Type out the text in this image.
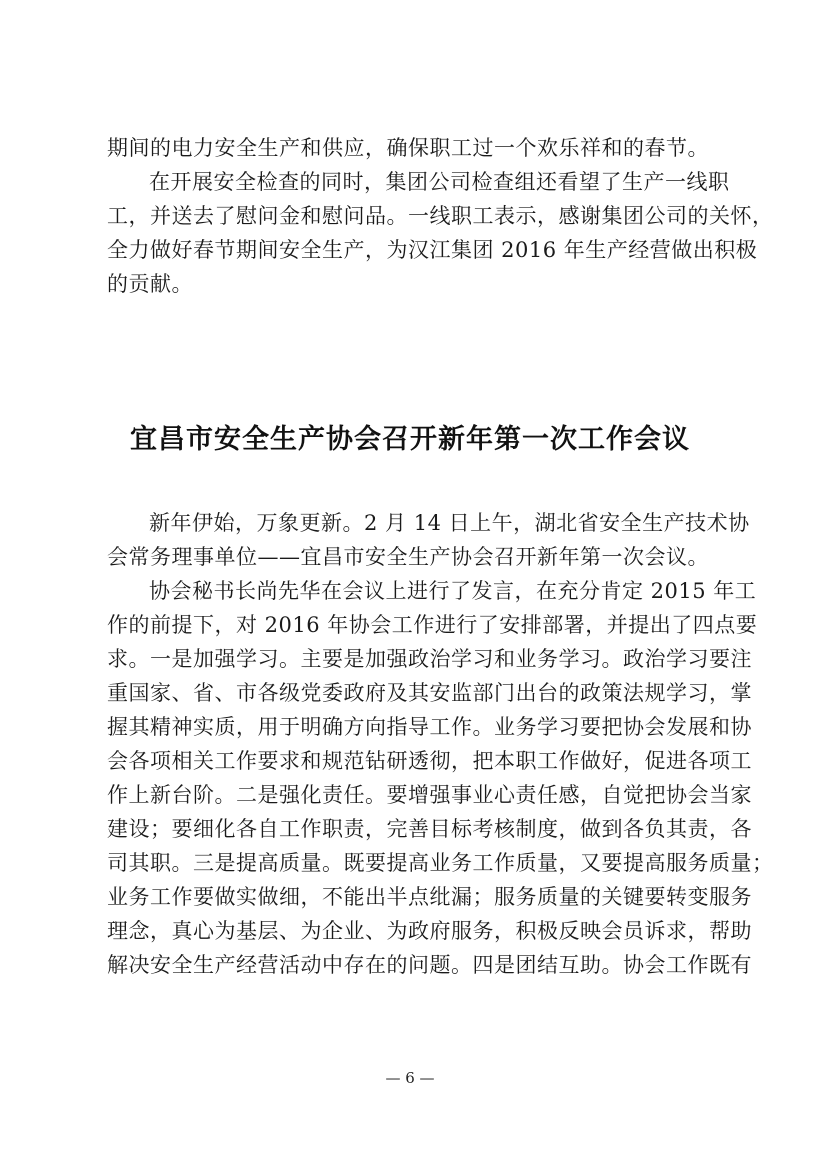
期间的电力安全生产和供应，确保职工过一个欢乐祥和的春节。
在开展安全检查的同时，集团公司检查组还看望了生产一线职
工，并送去了慰问金和慰问品。一线职工表示，感谢集团公司的关怀，
全力做好春节期间安全生产，为汉江集团 2016 年生产经营做出积极
的贡献。
宜昌市安全生产协会召开新年第一次工作会议
新年伊始，万象更新。2 月 14 日上午，湖北省安全生产技术协
会常务理事单位——宜昌市安全生产协会召开新年第一次会议。
协会秘书长尚先华在会议上进行了发言，在充分肯定 2015 年工
作的前提下，对 2016 年协会工作进行了安排部署，并提出了四点要
求。一是加强学习。主要是加强政治学习和业务学习。政治学习要注
重国家、省、市各级党委政府及其安监部门出台的政策法规学习，掌
握其精神实质，用于明确方向指导工作。业务学习要把协会发展和协
会各项相关工作要求和规范钻研透彻，把本职工作做好，促进各项工
作上新台阶。二是强化责任。要增强事业心责任感，自觉把协会当家
建设；要细化各自工作职责，完善目标考核制度，做到各负其责，各
司其职。三是提高质量。既要提高业务工作质量，又要提高服务质量；
业务工作要做实做细，不能出半点纰漏；服务质量的关键要转变服务
理念，真心为基层、为企业、为政府服务，积极反映会员诉求，帮助
解决安全生产经营活动中存在的问题。四是团结互助。协会工作既有
— 6 —
